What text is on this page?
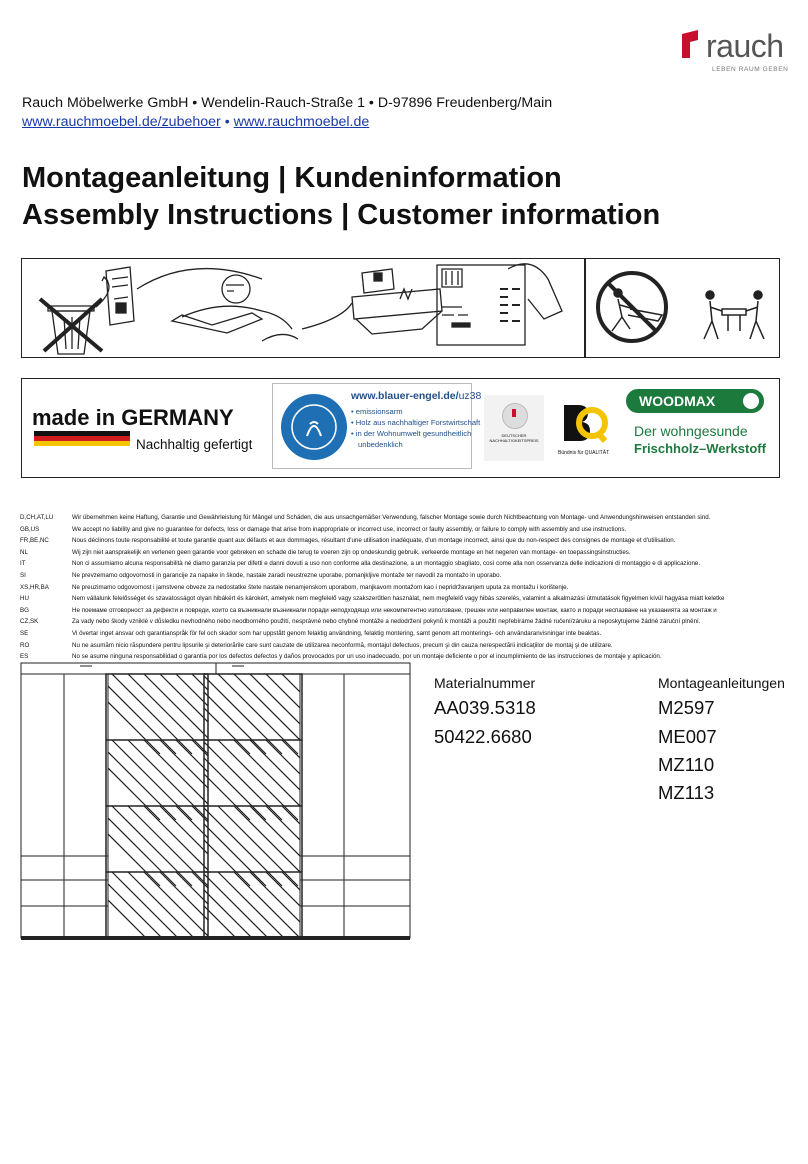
rauch
LEBEN RAUM GEBEN
Rauch Möbelwerke GmbH • Wendelin-Rauch-Straße 1 • D-97896 Freudenberg/Main
www.rauchmoebel.de/zubehoer • www.rauchmoebel.de
Montageanleitung | Kundeninformation
Assembly Instructions | Customer information
made in GERMANY
Nachhaltig gefertigt
www.blauer-engel.de/uz38
• emissionsarm
• Holz aus nachhaltiger Forstwirtschaft
• in der Wohnumwelt gesundheitlich
unbedenklich
DEUTSCHER
NACHHALTIGKEITSPREIS
Bündnis für QUALITÄT
WOODMAX
Der wohngesunde
Frischholz–Werkstoff
D,CH,AT,LU	Wir übernehmen keine Haftung, Garantie und Gewährleistung für Mängel und Schäden, die aus unsachgemäßer Verwendung, falscher Montage sowie durch Nichtbeachtung von Montage- und Anwendungshinweisen entstanden sind.
GB,US	We accept no liability and give no guarantee for defects, loss or damage that arise from inappropriate or incorrect use, incorrect or faulty assembly, or failure to comply with assembly and use instructions.
FR,BE,NC	Nous déclinons toute responsabilité et toute garantie quant aux défauts et aux dommages, résultant d'une utilisation inadéquate, d'un montage incorrect, ainsi que du non-respect des consignes de montage et d'utilisation.
NL	Wij zijn niet aansprakelijk en verlenen geen garantie voor gebreken en schade die terug te voeren zijn op ondeskundig gebruik, verkeerde montage en het negeren van montage- en toepassingsinstructies.
IT	Non ci assumiamo alcuna responsabilità né diamo garanzia per difetti e danni dovuti a uso non conforme alla destinazione, a un montaggio sbagliato, così come alla non osservanza delle indicazioni di montaggio e di applicazione.
SI	Ne prevzemamo odgovornosti in garancije za napake in škode, nastale zaradi neustrezne uporabe, pomanjkljive montaže ter navodil za montažo in uporabo.
XS,HR,BA	Ne preuzimamo odgovornost i jamstvene obveze za nedostatke štete nastale nenamjenskom uporabom, manjkavom montažom kao i nepridržavanjem uputa za montažu i korištenje.
HU	Nem vállalunk felelősséget és szavatosságot olyan hibákért és károkért, amelyek nem megfelelő vagy szakszerűtlen használat, nem megfelelő vagy hibás szerelés, valamint a alkalmazási útmutatások figyelmen kívül hagyása miatt keletke
BG	Не поемаме отговорност за дефекти и повреди, които са възникнали възникнали поради неподходящо или некомпетентно използване, грешен или неправилен монтаж, както и поради неспазване на указанията за монтаж и
CZ,SK	Za vady nebo škody vzniklé v důsledku nevhodného nebo neodborného použití, nesprávné nebo chybné montáže a nedodržení pokynů k montáži a použití nepřebíráme žádné ručení/záruku a neposkytujeme žádné záruční plnění.
SE	Vi övertar inget ansvar och garantianspråk för fel och skador som har uppstått genom felaktig användning, felaktig montering, samt genom att monterings- och användaranvisningar inte beaktas.
RO	Nu ne asumăm nicio răspundere pentru lipsurile şi deteriorările care sunt cauzate de utilizarea neconformă, montajul defectuos, precum şi din cauza nerespectării indicaţiilor de montaj şi de utilizare.
ES	No se asume ninguna responsabilidad o garantía por los defectos defectos y daños provocados por un uso inadecuado, por un montaje deficiente o por el incumplimiento de las instrucciones de montaje y aplicación.
Materialnummer
AA039.5318
50422.6680
Montageanleitungen
M2597
ME007
MZ110
MZ113
